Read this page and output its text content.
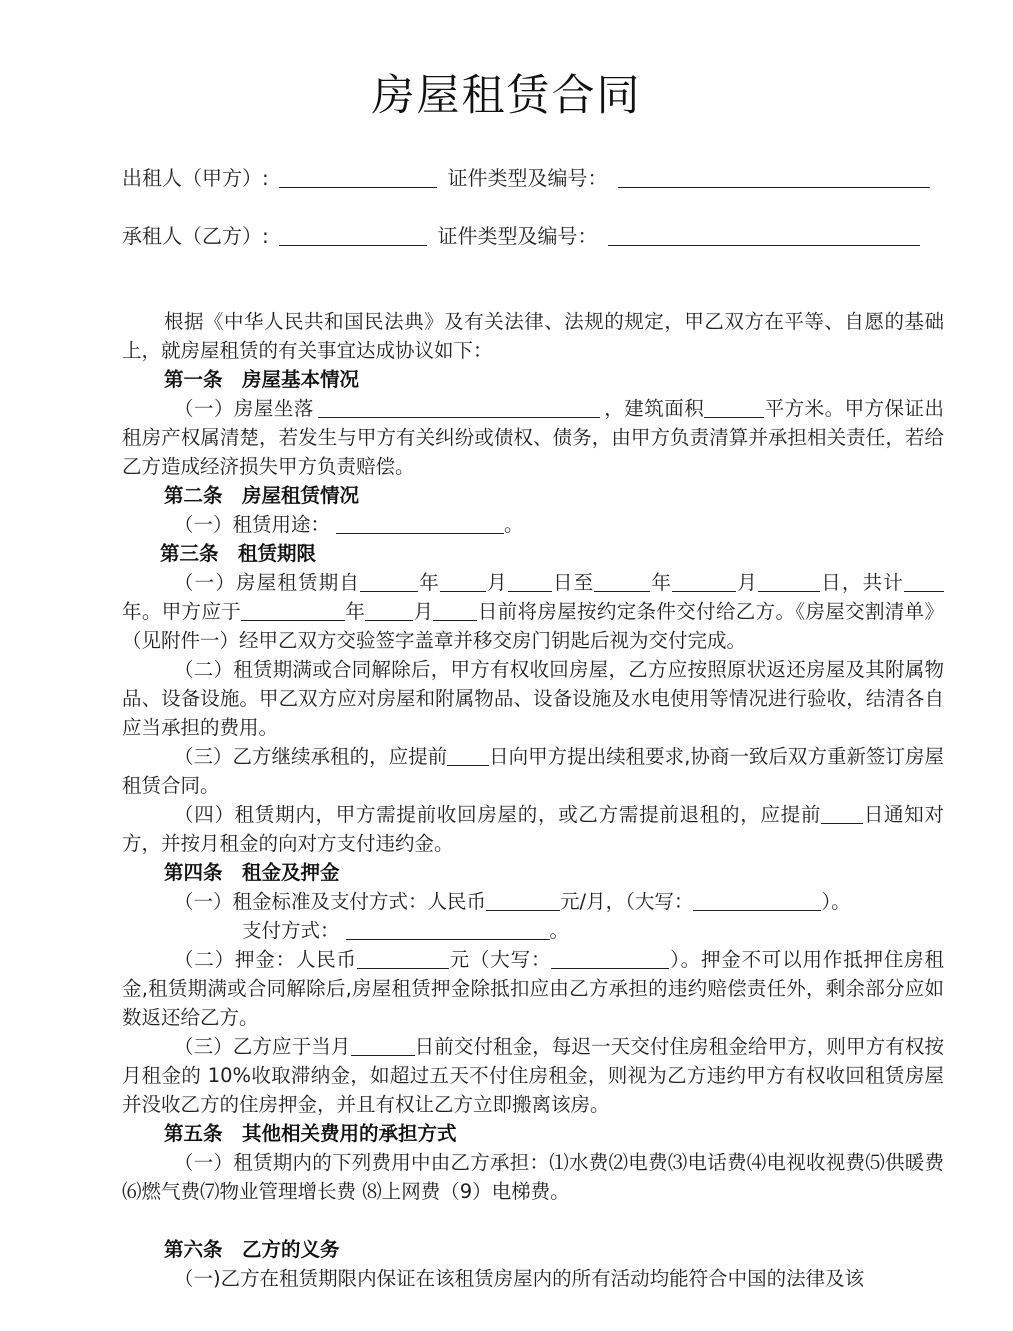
房屋租赁合同
出租人（甲方）:	证件类型及编号：
承租人（乙方）:	证件类型及编号：

根据《中华人民共和国民法典》及有关法律、法规的规定，甲乙双方在平等、自愿的基础上，就房屋租赁的有关事宜达成协议如下：

第一条　房屋基本情况

（一）房屋坐落	，建筑面积	平方米。甲方保证出租房产权属清楚，若发生与甲方有关纠纷或债权、债务，由甲方负责清算并承担相关责任，若给乙方造成经济损失甲方负责赔偿。

第二条　房屋租赁情况

（一）租赁用途：	。

第三条　租赁期限

（一）房屋租赁期自	年 月 日至	年	月	日，共计年。甲方应于	年 月 日前将房屋按约定条件交付给乙方。《房屋交割清单》（见附件一）经甲乙双方交验签字盖章并移交房门钥匙后视为交付完成。

（二）租赁期满或合同解除后，甲方有权收回房屋，乙方应按照原状返还房屋及其附属物品、设备设施。甲乙双方应对房屋和附属物品、设备设施及水电使用等情况进行验收，结清各自应当承担的费用。

（三）乙方继续承租的，应提前 日向甲方提出续租要求,协商一致后双方重新签订房屋租赁合同。

（四）租赁期内，甲方需提前收回房屋的，或乙方需提前退租的，应提前 日通知对方，并按月租金的向对方支付违约金。

第四条　租金及押金

（一）租金标准及支付方式：人民币	元/月，（大写：	）。

支付方式：	。

（二）押金：人民币	元（大写：	）。押金不可以用作抵押住房租金,租赁期满或合同解除后,房屋租赁押金除抵扣应由乙方承担的违约赔偿责任外，剩余部分应如数返还给乙方。

（三）乙方应于当月	日前交付租金，每迟一天交付住房租金给甲方，则甲方有权按月租金的 10%收取滞纳金，如超过五天不付住房租金，则视为乙方违约甲方有权收回租赁房屋并没收乙方的住房押金，并且有权让乙方立即搬离该房。

第五条　其他相关费用的承担方式

（一）租赁期内的下列费用中由乙方承担：⑴水费⑵电费⑶电话费⑷电视收视费⑸供暖费⑹燃气费⑺物业管理增长费 ⑻上网费（9）电梯费。

第六条　乙方的义务

（一)乙方在租赁期限内保证在该租赁房屋内的所有活动均能符合中国的法律及该
